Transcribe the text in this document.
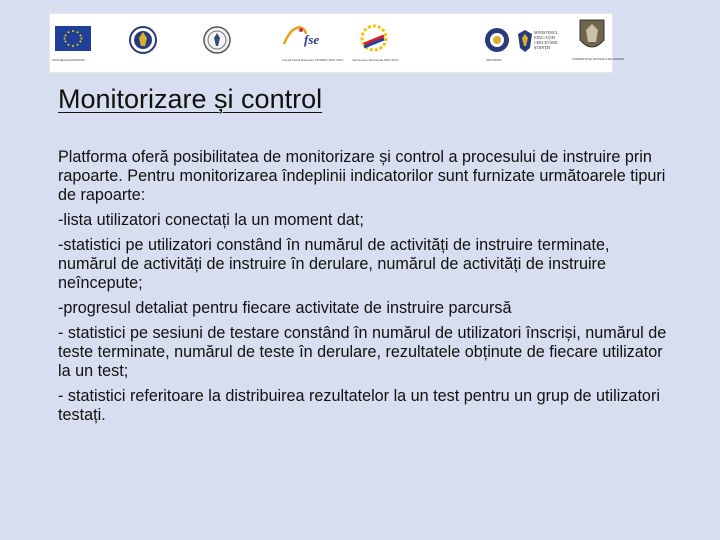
UNIUNEA EUROPEANA
fse
Fondul Social European POSDRU 2007-2013	Instrumente Structurale 2007-2013	OIPOSDRU
MINISTERUL EDUCAŢIEI CERCETĂRII ŞTIINŢEI
UNIVERSITATEA NATIONALA DE APARARE
Monitorizare și control

Platforma oferă posibilitatea de monitorizare și control a procesului de instruire prin rapoarte. Pentru monitorizarea îndeplinii indicatorilor sunt furnizate următoarele tipuri de rapoarte:

-lista utilizatori conectați la un moment dat;

-statistici pe utilizatori constând în numărul de activități de instruire terminate, numărul de activități de instruire în derulare, numărul de activități de instruire neîncepute;

-progresul detaliat pentru fiecare activitate de instruire parcursă

- statistici pe sesiuni de testare constând în numărul de utilizatori înscriși, numărul de teste terminate, numărul de teste în derulare, rezultatele obținute de fiecare utilizator la un test;

- statistici referitoare la distribuirea rezultatelor la un test pentru un grup de utilizatori testați.
